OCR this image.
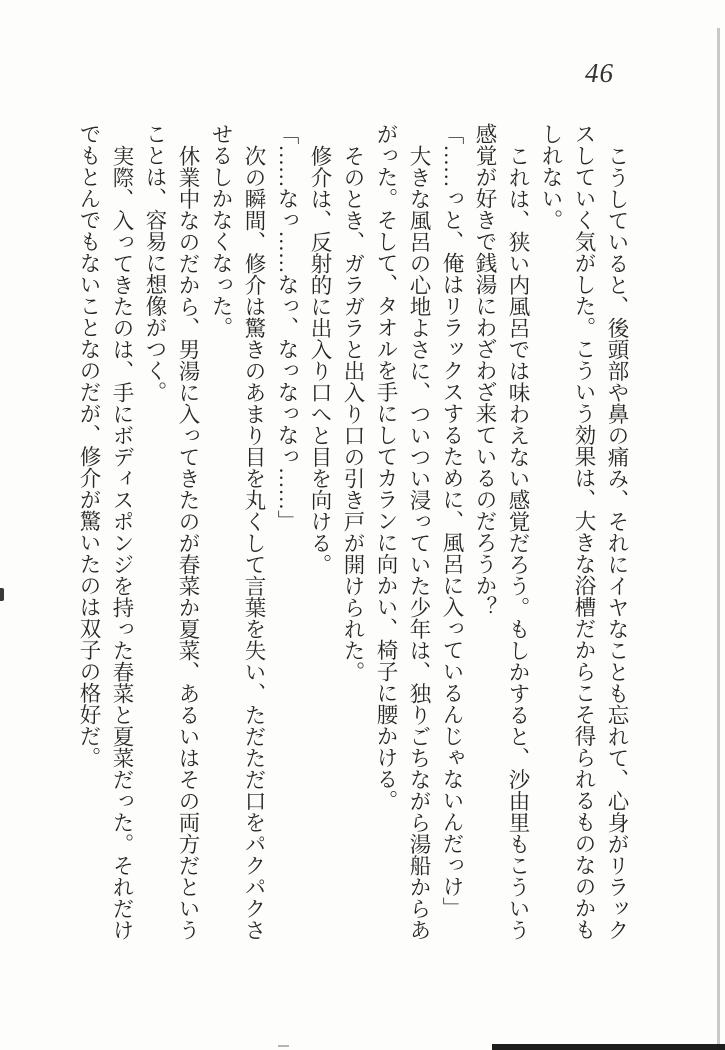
46

こうしていると、後頭部や鼻の痛み、それにイヤなことも忘れて、心身がリラック

スしていく気がした。こういう効果は、大きな浴槽だからこそ得られるものなのかも

しれない。

これは、狭い内風呂では味わえない感覚だろう。もしかすると、沙由里もこういう

感覚が好きで銭湯にわざわざ来ているのだろうか？

「……っと、俺はリラックスするために、風呂に入っているんじゃないんだっけ」

大きな風呂の心地よさに、ついつい浸っていた少年は、独りごちながら湯船からあ

がった。そして、タオルを手にしてカランに向かい、椅子に腰かける。

そのとき、ガラガラと出入り口の引き戸が開けられた。

修介は、反射的に出入り口へと目を向ける。

「……なっ……なっ、なっなっなっ……」

次の瞬間、修介は驚きのあまり目を丸くして言葉を失い、ただただ口をパクパクさ

せるしかなくなった。

休業中なのだから、男湯に入ってきたのが春菜か夏菜、あるいはその両方だという

ことは、容易に想像がつく。

実際、入ってきたのは、手にボディスポンジを持った春菜と夏菜だった。それだけ

でもとんでもないことなのだが、修介が驚いたのは双子の格好だ。
